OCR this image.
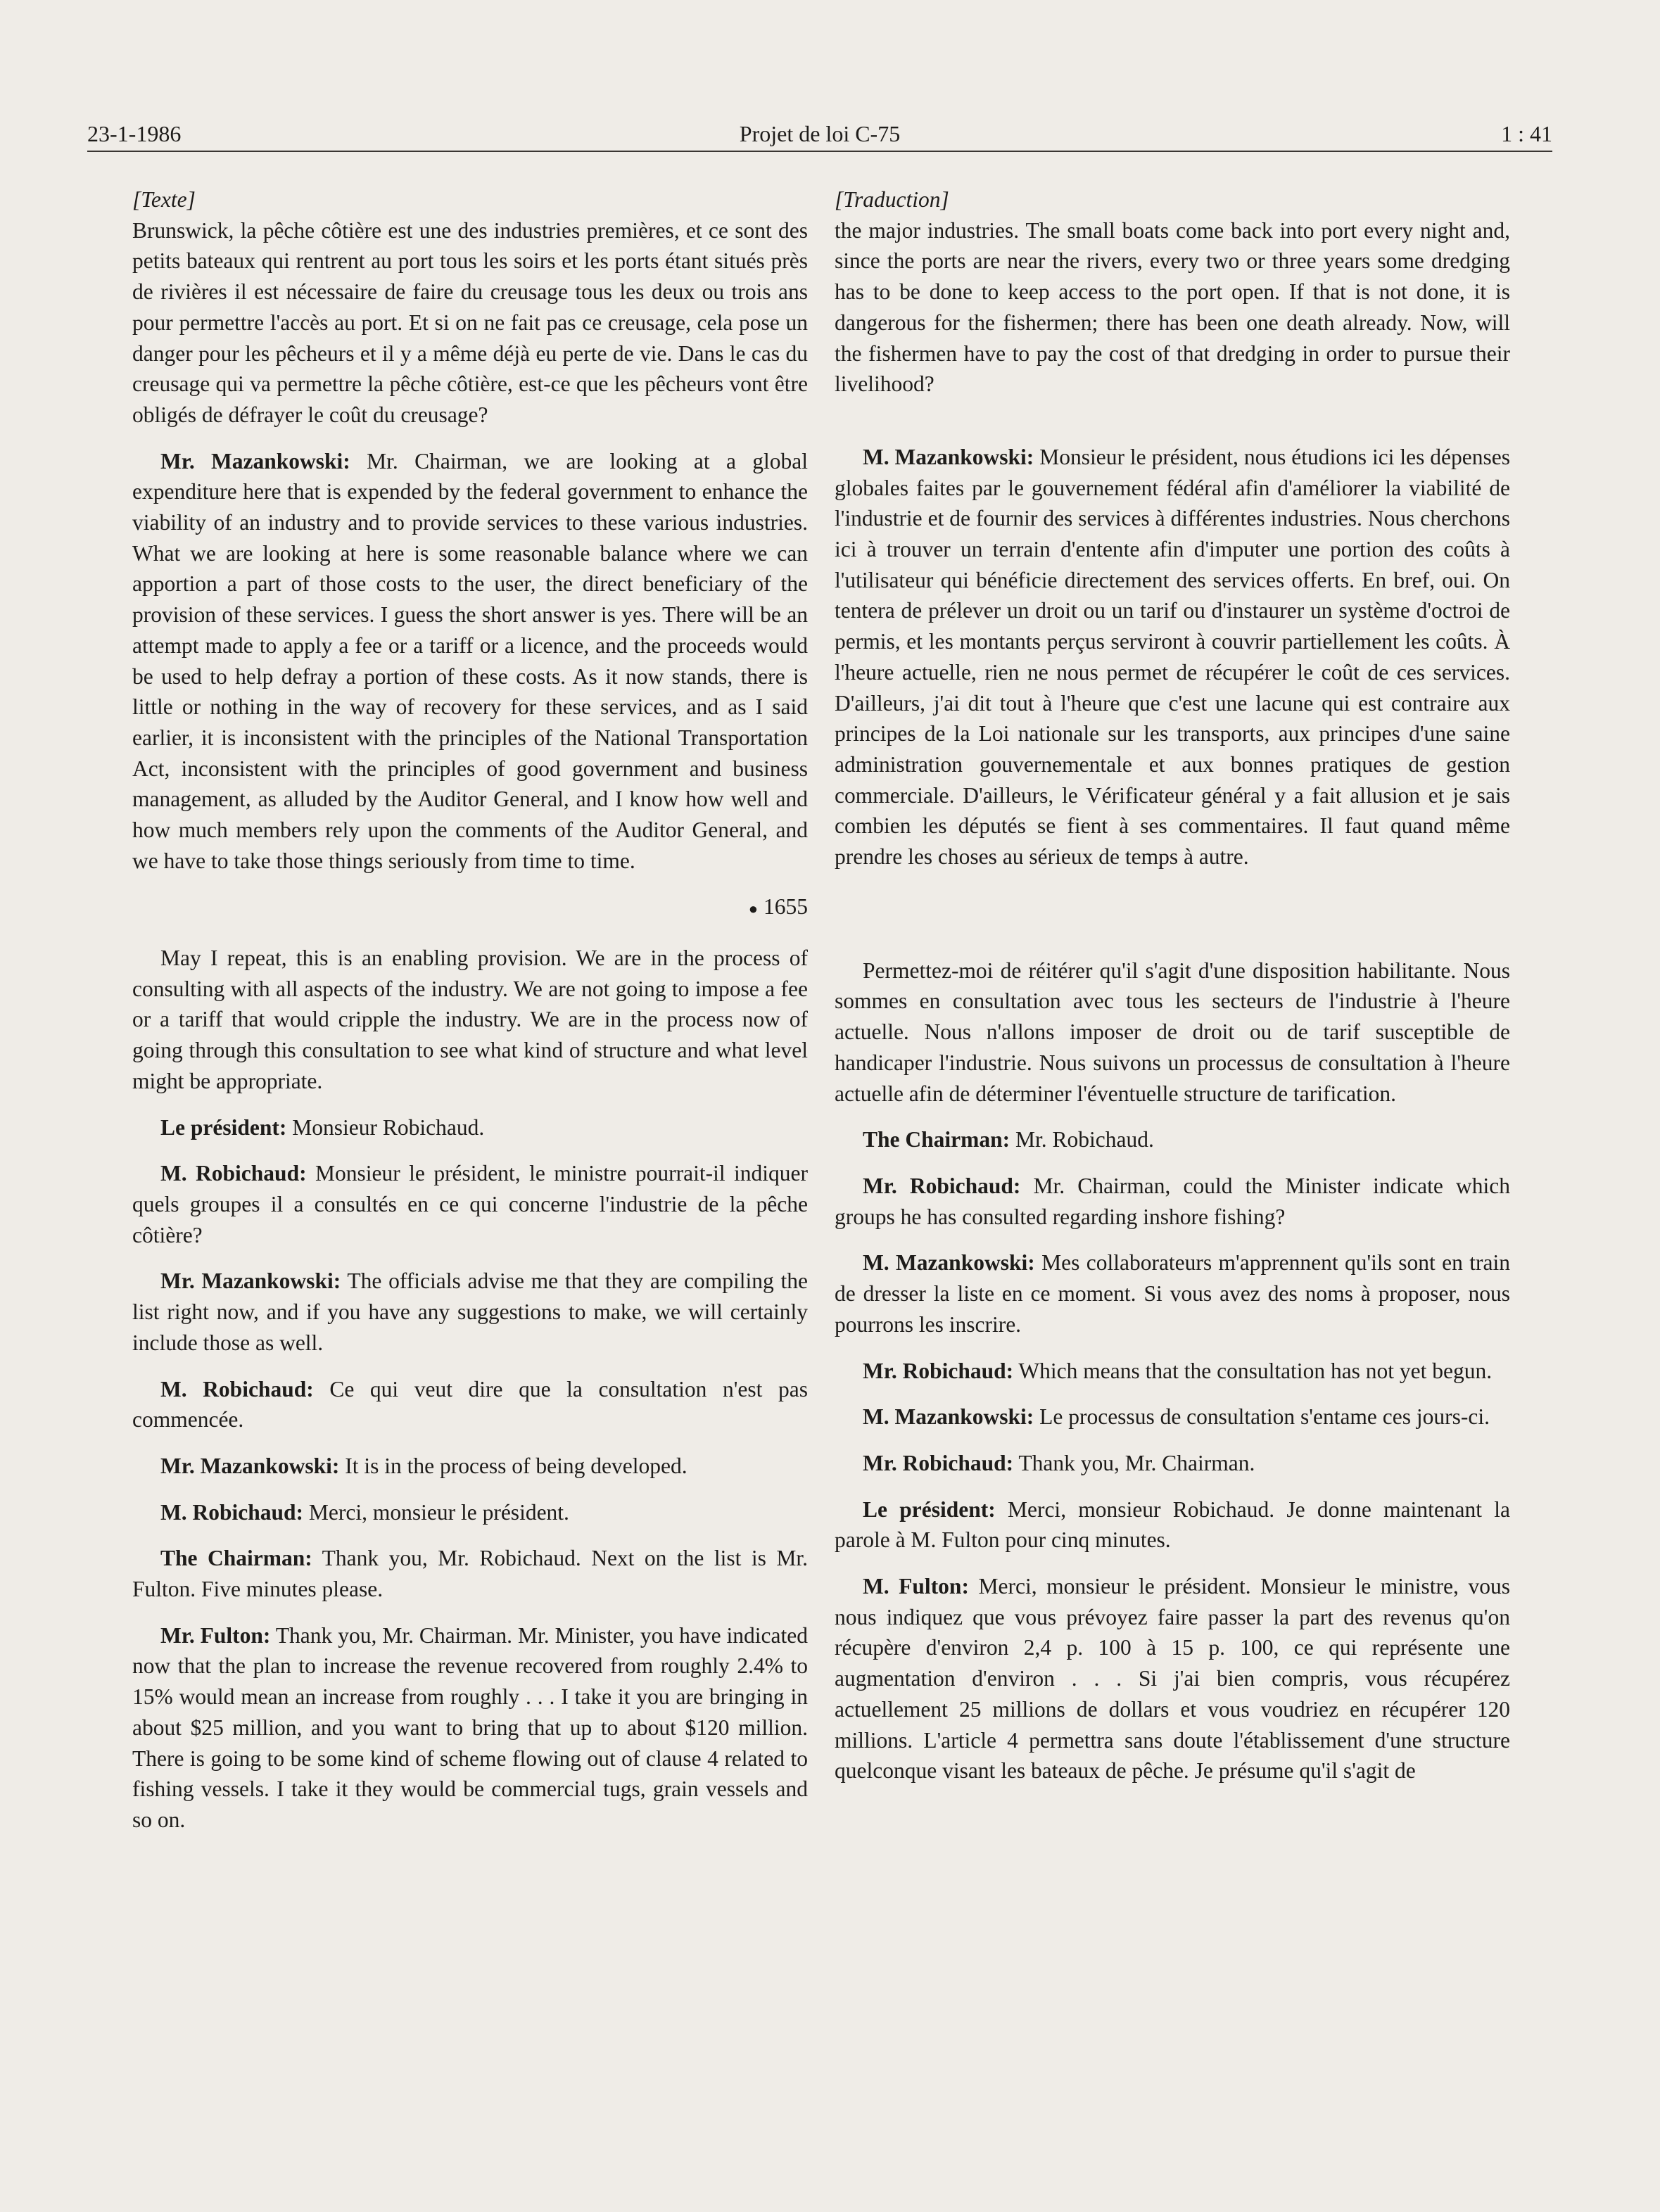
23-1-1986	Projet de loi C-75	1 : 41
[Texte]

Brunswick, la pêche côtière est une des industries premières, et ce sont des petits bateaux qui rentrent au port tous les soirs et les ports étant situés près de rivières il est nécessaire de faire du creusage tous les deux ou trois ans pour permettre l'accès au port. Et si on ne fait pas ce creusage, cela pose un danger pour les pêcheurs et il y a même déjà eu perte de vie. Dans le cas du creusage qui va permettre la pêche côtière, est-ce que les pêcheurs vont être obligés de défrayer le coût du creusage?

Mr. Mazankowski: Mr. Chairman, we are looking at a global expenditure here that is expended by the federal government to enhance the viability of an industry and to provide services to these various industries. What we are looking at here is some reasonable balance where we can apportion a part of those costs to the user, the direct beneficiary of the provision of these services. I guess the short answer is yes. There will be an attempt made to apply a fee or a tariff or a licence, and the proceeds would be used to help defray a portion of these costs. As it now stands, there is little or nothing in the way of recovery for these services, and as I said earlier, it is inconsistent with the principles of the National Transportation Act, inconsistent with the principles of good government and business management, as alluded by the Auditor General, and I know how well and how much members rely upon the comments of the Auditor General, and we have to take those things seriously from time to time.

● 1655

May I repeat, this is an enabling provision. We are in the process of consulting with all aspects of the industry. We are not going to impose a fee or a tariff that would cripple the industry. We are in the process now of going through this consultation to see what kind of structure and what level might be appropriate.

Le président: Monsieur Robichaud.

M. Robichaud: Monsieur le président, le ministre pourrait-il indiquer quels groupes il a consultés en ce qui concerne l'industrie de la pêche côtière?

Mr. Mazankowski: The officials advise me that they are compiling the list right now, and if you have any suggestions to make, we will certainly include those as well.

M. Robichaud: Ce qui veut dire que la consultation n'est pas commencée.

Mr. Mazankowski: It is in the process of being developed.

M. Robichaud: Merci, monsieur le président.

The Chairman: Thank you, Mr. Robichaud. Next on the list is Mr. Fulton. Five minutes please.

Mr. Fulton: Thank you, Mr. Chairman. Mr. Minister, you have indicated now that the plan to increase the revenue recovered from roughly 2.4% to 15% would mean an increase from roughly . . . I take it you are bringing in about $25 million, and you want to bring that up to about $120 million. There is going to be some kind of scheme flowing out of clause 4 related to fishing vessels. I take it they would be commercial tugs, grain vessels and so on.

[Traduction]

the major industries. The small boats come back into port every night and, since the ports are near the rivers, every two or three years some dredging has to be done to keep access to the port open. If that is not done, it is dangerous for the fishermen; there has been one death already. Now, will the fishermen have to pay the cost of that dredging in order to pursue their livelihood?

M. Mazankowski: Monsieur le président, nous étudions ici les dépenses globales faites par le gouvernement fédéral afin d'améliorer la viabilité de l'industrie et de fournir des services à différentes industries. Nous cherchons ici à trouver un terrain d'entente afin d'imputer une portion des coûts à l'utilisateur qui bénéficie directement des services offerts. En bref, oui. On tentera de prélever un droit ou un tarif ou d'instaurer un système d'octroi de permis, et les montants perçus serviront à couvrir partiellement les coûts. À l'heure actuelle, rien ne nous permet de récupérer le coût de ces services. D'ailleurs, j'ai dit tout à l'heure que c'est une lacune qui est contraire aux principes de la Loi nationale sur les transports, aux principes d'une saine administration gouvernementale et aux bonnes pratiques de gestion commerciale. D'ailleurs, le Vérificateur général y a fait allusion et je sais combien les députés se fient à ses commentaires. Il faut quand même prendre les choses au sérieux de temps à autre.

Permettez-moi de réitérer qu'il s'agit d'une disposition habilitante. Nous sommes en consultation avec tous les secteurs de l'industrie à l'heure actuelle. Nous n'allons imposer de droit ou de tarif susceptible de handicaper l'industrie. Nous suivons un processus de consultation à l'heure actuelle afin de déterminer l'éventuelle structure de tarification.

The Chairman: Mr. Robichaud.

Mr. Robichaud: Mr. Chairman, could the Minister indicate which groups he has consulted regarding inshore fishing?

M. Mazankowski: Mes collaborateurs m'apprennent qu'ils sont en train de dresser la liste en ce moment. Si vous avez des noms à proposer, nous pourrons les inscrire.

Mr. Robichaud: Which means that the consultation has not yet begun.

M. Mazankowski: Le processus de consultation s'entame ces jours-ci.

Mr. Robichaud: Thank you, Mr. Chairman.

Le président: Merci, monsieur Robichaud. Je donne maintenant la parole à M. Fulton pour cinq minutes.

M. Fulton: Merci, monsieur le président. Monsieur le ministre, vous nous indiquez que vous prévoyez faire passer la part des revenus qu'on récupère d'environ 2,4 p. 100 à 15 p. 100, ce qui représente une augmentation d'environ . . . Si j'ai bien compris, vous récupérez actuellement 25 millions de dollars et vous voudriez en récupérer 120 millions. L'article 4 permettra sans doute l'établissement d'une structure quelconque visant les bateaux de pêche. Je présume qu'il s'agit de
